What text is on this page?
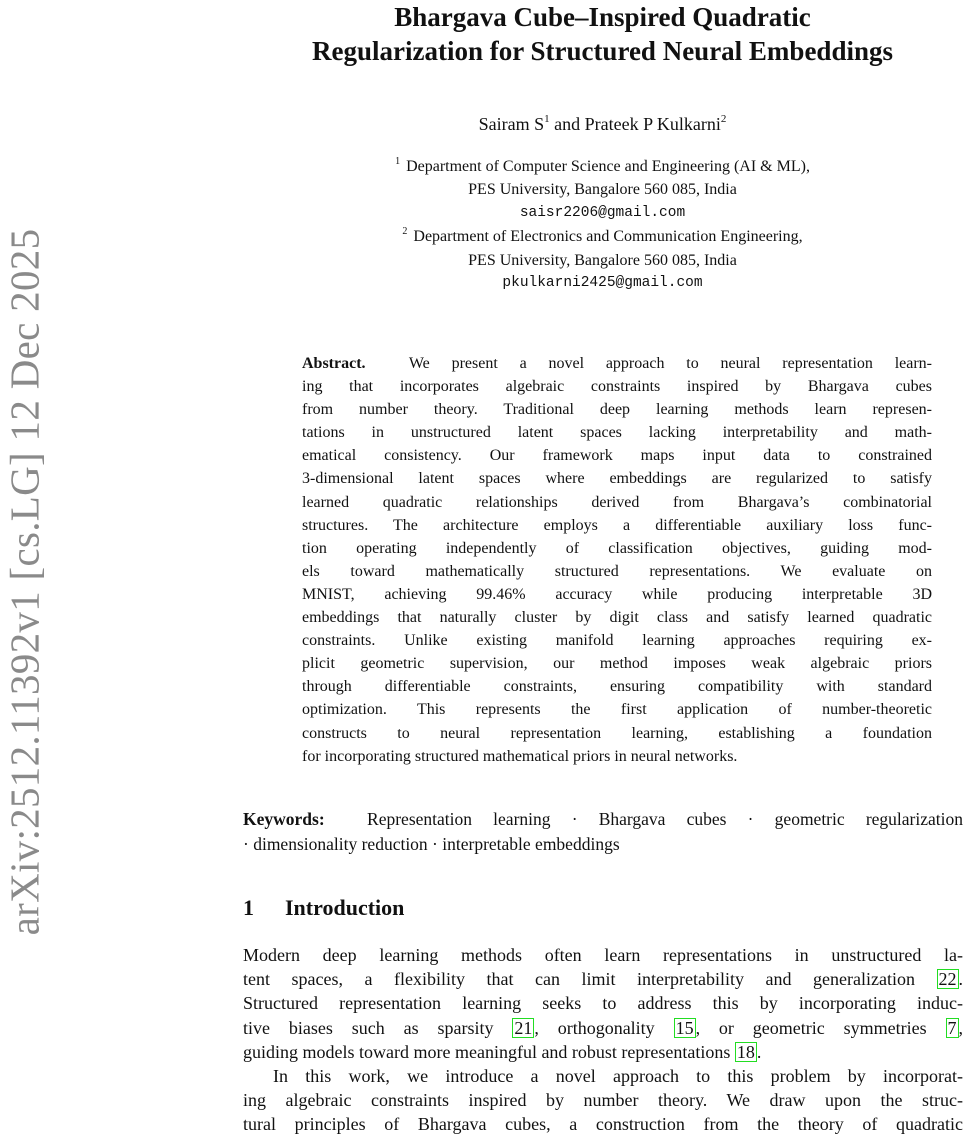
arXiv:2512.11392v1 [cs.LG] 12 Dec 2025
Bhargava Cube–Inspired Quadratic
Regularization for Structured Neural Embeddings
Sairam $S^1$ and Prateek P Kulkarni$^2$
$^1$ Department of Computer Science and Engineering (AI & ML),
PES University, Bangalore 560 085, India
saisr2206@gmail.com
$^2$ Department of Electronics and Communication Engineering,
PES University, Bangalore 560 085, India
pkulkarni2425@gmail.com
Abstract.	We present a novel approach to neural representation learn-
ing that incorporates algebraic constraints inspired by Bhargava cubes
from number theory. Traditional deep learning methods learn represen-
tations in unstructured latent spaces lacking interpretability and math-
ematical consistency. Our framework maps input data to constrained
3-dimensional latent spaces where embeddings are regularized to satisfy
learned quadratic relationships derived from Bhargava’s combinatorial
structures. The architecture employs a differentiable auxiliary loss func-
tion operating independently of classification objectives, guiding mod-
els toward mathematically structured representations. We evaluate on
MNIST, achieving 99.46% accuracy while producing interpretable 3D
embeddings that naturally cluster by digit class and satisfy learned quadratic
constraints. Unlike existing manifold learning approaches requiring ex-
plicit geometric supervision, our method imposes weak algebraic priors
through differentiable constraints, ensuring compatibility with standard
optimization. This represents the first application of number-theoretic
constructs to neural representation learning, establishing a foundation
for incorporating structured mathematical priors in neural networks.
Keywords: Representation learning · Bhargava cubes · geometric regularization
· dimensionality reduction · interpretable embeddings
1 Introduction

Modern deep learning methods often learn representations in unstructured la-
tent spaces, a flexibility that can limit interpretability and generalization 22 .
Structured representation learning seeks to address this by incorporating induc-
tive biases such as sparsity 21 , orthogonality 15 , or geometric symmetries 7 ,
guiding models toward more meaningful and robust representations 18 .

In this work, we introduce a novel approach to this problem by incorporat-
ing algebraic constraints inspired by number theory. We draw upon the struc-
tural principles of Bhargava cubes, a construction from the theory of quadratic
